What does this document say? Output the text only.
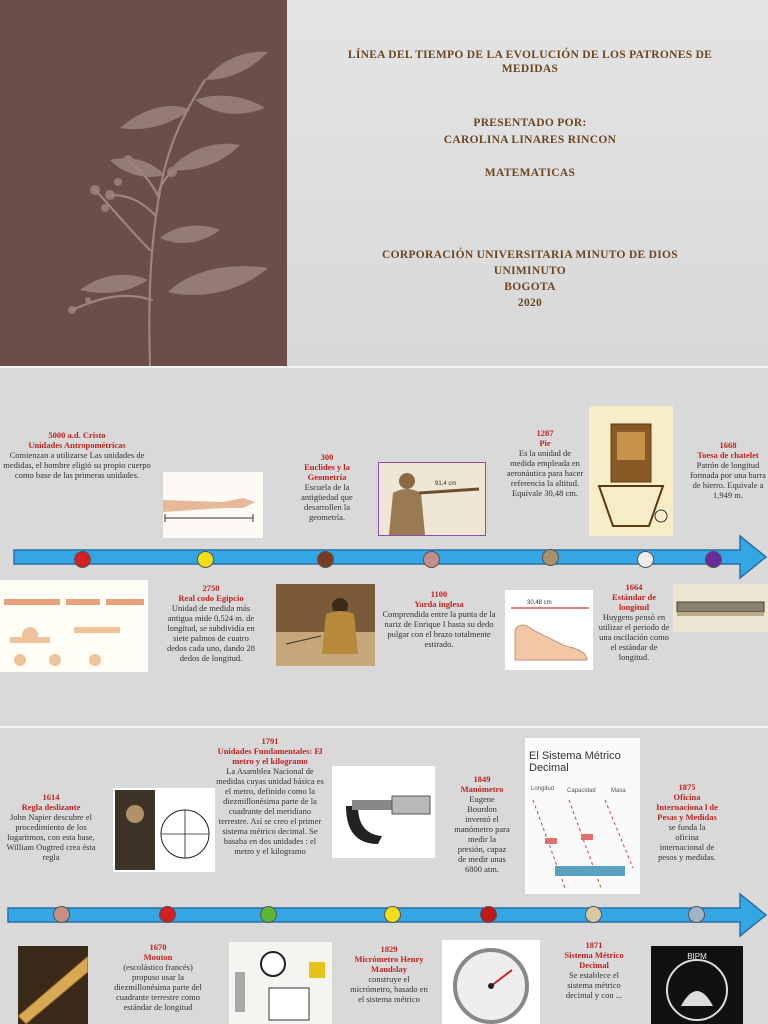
LÍNEA DEL TIEMPO DE LA EVOLUCIÓN DE LOS PATRONES DE MEDIDAS
PRESENTADO POR:
CAROLINA LINARES RINCON
MATEMATICAS
CORPORACIÓN UNIVERSITARIA MINUTO DE DIOS
UNIMINUTO
BOGOTA
2020
5000 a.d. Cristo
Unidades Antropométricas
Comienzan a utilizarse Las unidades de medidas, el hombre eligió su propio cuerpo como base de las primeras unidades.
300
Euclides y la Geometría
Escuela de la antigüedad que desarrollen la geometría.
1287
Pie
Es la unidad de medida empleada en aeronáutica para hacer referencia la altitud. Equivale 30,48 cm.
1668
Toesa de chatelet
Patrón de longitud formada por una barra de hierro. Equivale a 1,949 m.
91,4 cm
30,48 cm
2750
Real codo Egipcio
Unidad de medida más antigua mide 0,524 m. de longitud, se subdividía en siete palmos de cuatro dedos cada uno, dando 28 dedos de longitud.
1100
Yarda inglesa
Comprendida entre la punta de la nariz de Enrique I hasta su dedo pulgar con el brazo totalmente estirado.
1664
Estándar de longitud
Huygens pensó en utilizar el periodo de una oscilación como el estándar de longitud.
1614
Regla deslizante
John Napier descubre el procedimiento de los logaritmos, con esta base, William Ougtred crea ésta regla
1791
Unidades Fundamentales: El metro y el kilogramo
La Asamblea Nacional de medidas cuyas unidad básica es el metro, definido como la diezmillonésima parte de la cuadrante del meridiano terrestre. Así se creo el primer sistema métrico decimal. Se basaba en dos unidades : el metro y el kilogramo
1849
Manómetro
Eugene Bourdon inventó el manómetro para medir la presión, capaz de medir unas 6800 atm.
1875
Oficina Internaciona l de Pesas y Medidas
se funda la oficina internacional de pesos y medidas.
El Sistema Métrico Decimal
Longitud Capacidad	Masa
BIPM
1670
Mouton
(escolástico francés) propuso usar la diezmillonésima parte del cuadrante terrestre como estándar de longitud
1829
Micrómetro Henry Maudslay
construye el micrómetro, basado en el sistema métrico
1871
Sistema Métrico Decimal
Se establece el sistema métrico decimal y con ...
